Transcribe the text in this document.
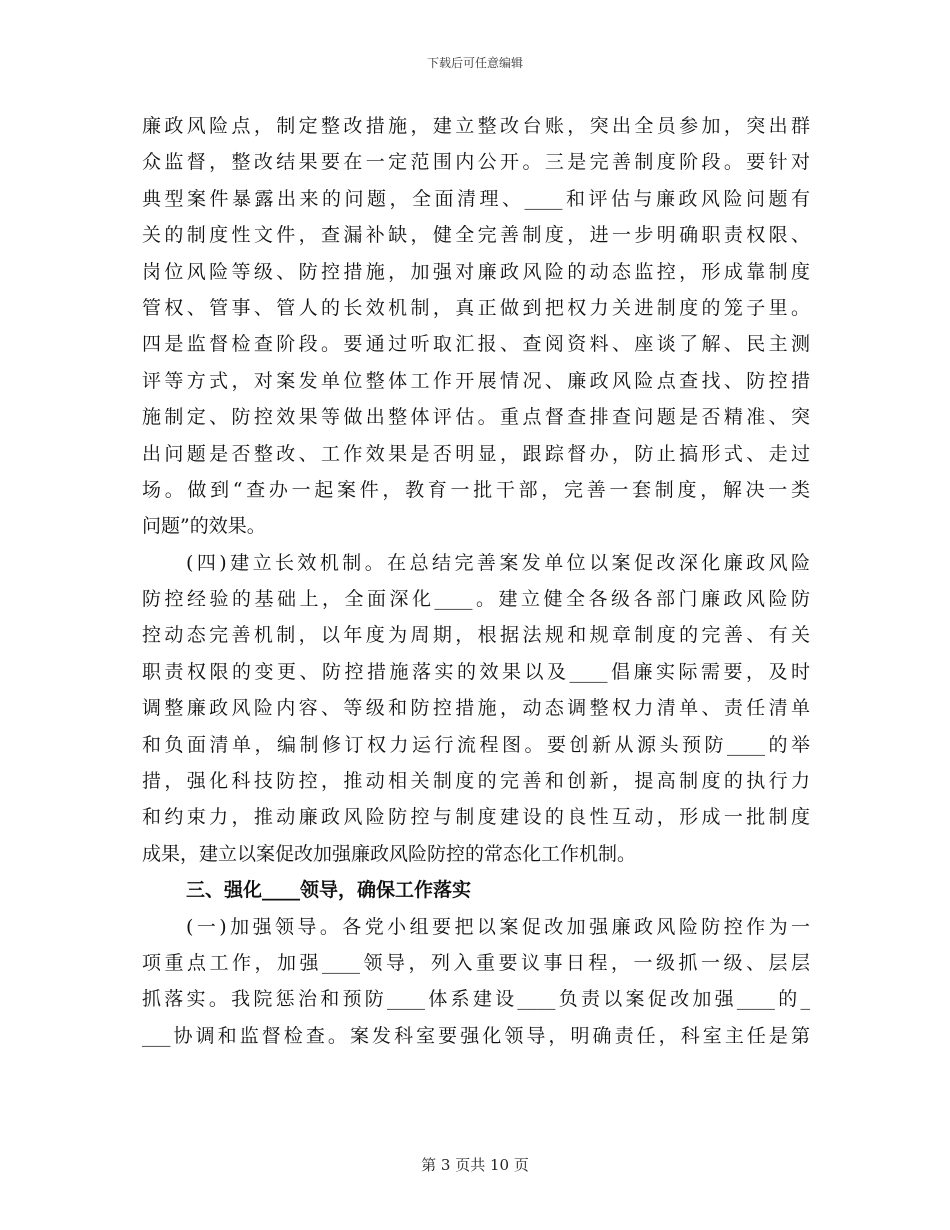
下载后可任意编辑
廉政风险点，制定整改措施，建立整改台账，突出全员参加，突出群
众监督，整改结果要在一定范围内公开。三是完善制度阶段。要针对
典型案件暴露出来的问题，全面清理、____和评估与廉政风险问题有
关的制度性文件，查漏补缺，健全完善制度，进一步明确职责权限、
岗位风险等级、防控措施，加强对廉政风险的动态监控，形成靠制度
管权、管事、管人的长效机制，真正做到把权力关进制度的笼子里。
四是监督检查阶段。要通过听取汇报、查阅资料、座谈了解、民主测
评等方式，对案发单位整体工作开展情况、廉政风险点查找、防控措
施制定、防控效果等做出整体评估。重点督查排查问题是否精准、突
出问题是否整改、工作效果是否明显，跟踪督办，防止搞形式、走过
场。做到“查办一起案件，教育一批干部，完善一套制度，解决一类
问题”的效果。
(四)建立长效机制。在总结完善案发单位以案促改深化廉政风险
防控经验的基础上，全面深化____。建立健全各级各部门廉政风险防
控动态完善机制，以年度为周期，根据法规和规章制度的完善、有关
职责权限的变更、防控措施落实的效果以及____倡廉实际需要，及时
调整廉政风险内容、等级和防控措施，动态调整权力清单、责任清单
和负面清单，编制修订权力运行流程图。要创新从源头预防____的举
措，强化科技防控，推动相关制度的完善和创新，提高制度的执行力
和约束力，推动廉政风险防控与制度建设的良性互动，形成一批制度
成果，建立以案促改加强廉政风险防控的常态化工作机制。
三、强化____领导，确保工作落实
(一)加强领导。各党小组要把以案促改加强廉政风险防控作为一
项重点工作，加强____领导，列入重要议事日程，一级抓一级、层层
抓落实。我院惩治和预防____体系建设____负责以案促改加强____的_
___协调和监督检查。案发科室要强化领导，明确责任，科室主任是第
第 3 页共 10 页
